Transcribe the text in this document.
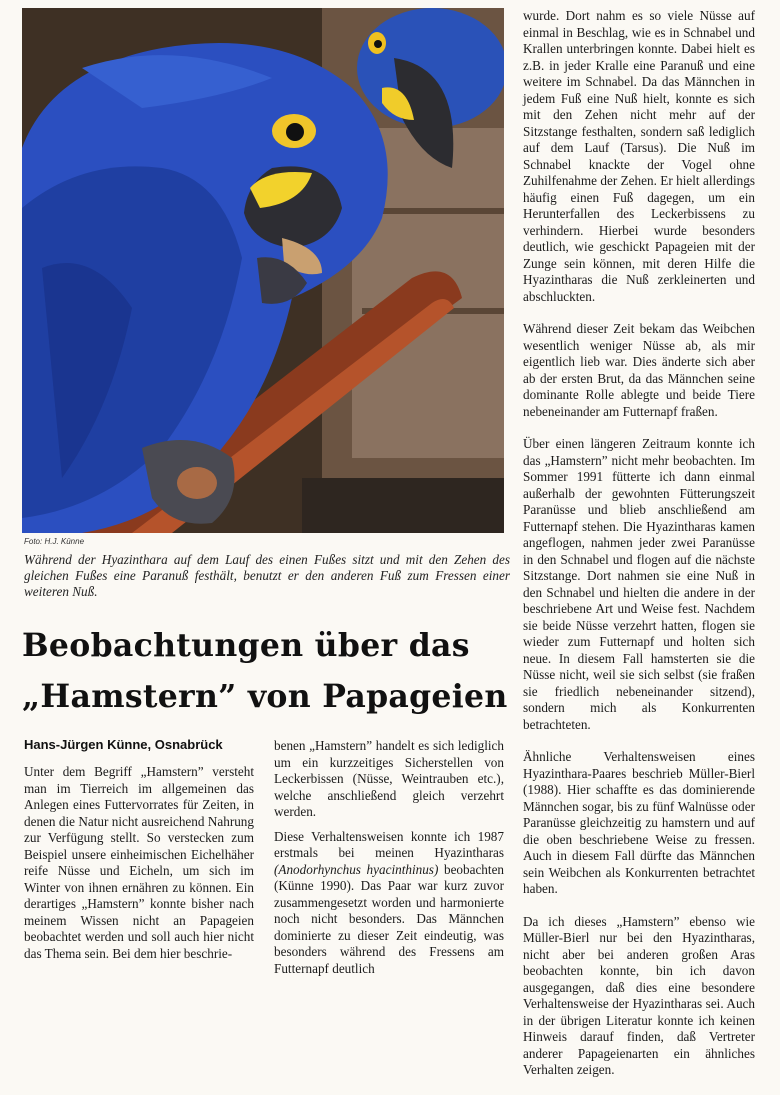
Foto: H.J. Künne
Während der Hyazinthara auf dem Lauf des einen Fußes sitzt und mit den Zehen des gleichen Fußes eine Paranuß festhält, benutzt er den anderen Fuß zum Fressen einer weiteren Nuß.
Beobachtungen über das
„Hamstern” von Papageien
Hans-Jürgen Künne, Osnabrück

Unter dem Begriff „Hamstern” versteht man im Tierreich im allgemeinen das Anlegen eines Futtervorrates für Zeiten, in denen die Natur nicht ausreichend Nahrung zur Verfügung stellt. So verstecken zum Beispiel unsere einheimischen Eichelhäher reife Nüsse und Eicheln, um sich im Winter von ihnen ernähren zu können. Ein derartiges „Hamstern” konnte bisher nach meinem Wissen nicht an Papageien beobachtet werden und soll auch hier nicht das Thema sein. Bei dem hier beschrie-

benen „Hamstern” handelt es sich lediglich um ein kurzzeitiges Sicherstellen von Leckerbissen (Nüsse, Weintrauben etc.), welche anschließend gleich verzehrt werden.

Diese Verhaltensweisen konnte ich 1987 erstmals bei meinen Hyazintharas (Anodorhynchus hyacinthinus) beobachten (Künne 1990). Das Paar war kurz zuvor zusammengesetzt worden und harmonierte noch nicht besonders. Das Männchen dominierte zu dieser Zeit eindeutig, was besonders während des Fressens am Futternapf deutlich

wurde. Dort nahm es so viele Nüsse auf einmal in Beschlag, wie es in Schnabel und Krallen unterbringen konnte. Dabei hielt es z.B. in jeder Kralle eine Paranuß und eine weitere im Schnabel. Da das Männchen in jedem Fuß eine Nuß hielt, konnte es sich mit den Zehen nicht mehr auf der Sitzstange festhalten, sondern saß lediglich auf dem Lauf (Tarsus). Die Nuß im Schnabel knackte der Vogel ohne Zuhilfenahme der Zehen. Er hielt allerdings häufig einen Fuß dagegen, um ein Herunterfallen des Leckerbissens zu verhindern. Hierbei wurde besonders deutlich, wie geschickt Papageien mit der Zunge sein können, mit deren Hilfe die Hyazintharas die Nuß zerkleinerten und abschluckten.

Während dieser Zeit bekam das Weibchen wesentlich weniger Nüsse ab, als mir eigentlich lieb war. Dies änderte sich aber ab der ersten Brut, da das Männchen seine dominante Rolle ablegte und beide Tiere nebeneinander am Futternapf fraßen.

Über einen längeren Zeitraum konnte ich das „Hamstern” nicht mehr beobachten. Im Sommer 1991 fütterte ich dann einmal außerhalb der gewohnten Fütterungszeit Paranüsse und blieb anschließend am Futternapf stehen. Die Hyazintharas kamen angeflogen, nahmen jeder zwei Paranüsse in den Schnabel und flogen auf die nächste Sitzstange. Dort nahmen sie eine Nuß in den Schnabel und hielten die andere in der beschriebene Art und Weise fest. Nachdem sie beide Nüsse verzehrt hatten, flogen sie wieder zum Futternapf und holten sich neue. In diesem Fall hamsterten sie die Nüsse nicht, weil sie sich selbst (sie fraßen sie friedlich nebeneinander sitzend), sondern mich als Konkurrenten betrachteten.

Ähnliche Verhaltensweisen eines Hyazinthara-Paares beschrieb Müller-Bierl (1988). Hier schaffte es das dominierende Männchen sogar, bis zu fünf Walnüsse oder Paranüsse gleichzeitig zu hamstern und auf die oben beschriebene Weise zu fressen. Auch in diesem Fall dürfte das Männchen sein Weibchen als Konkurrenten betrachtet haben.

Da ich dieses „Hamstern” ebenso wie Müller-Bierl nur bei den Hyazintharas, nicht aber bei anderen großen Aras beobachten konnte, bin ich davon ausgegangen, daß dies eine besondere Verhaltensweise der Hyazintharas sei. Auch in der übrigen Literatur konnte ich keinen Hinweis darauf finden, daß Vertreter anderer Papageienarten ein ähnliches Verhalten zeigen.
